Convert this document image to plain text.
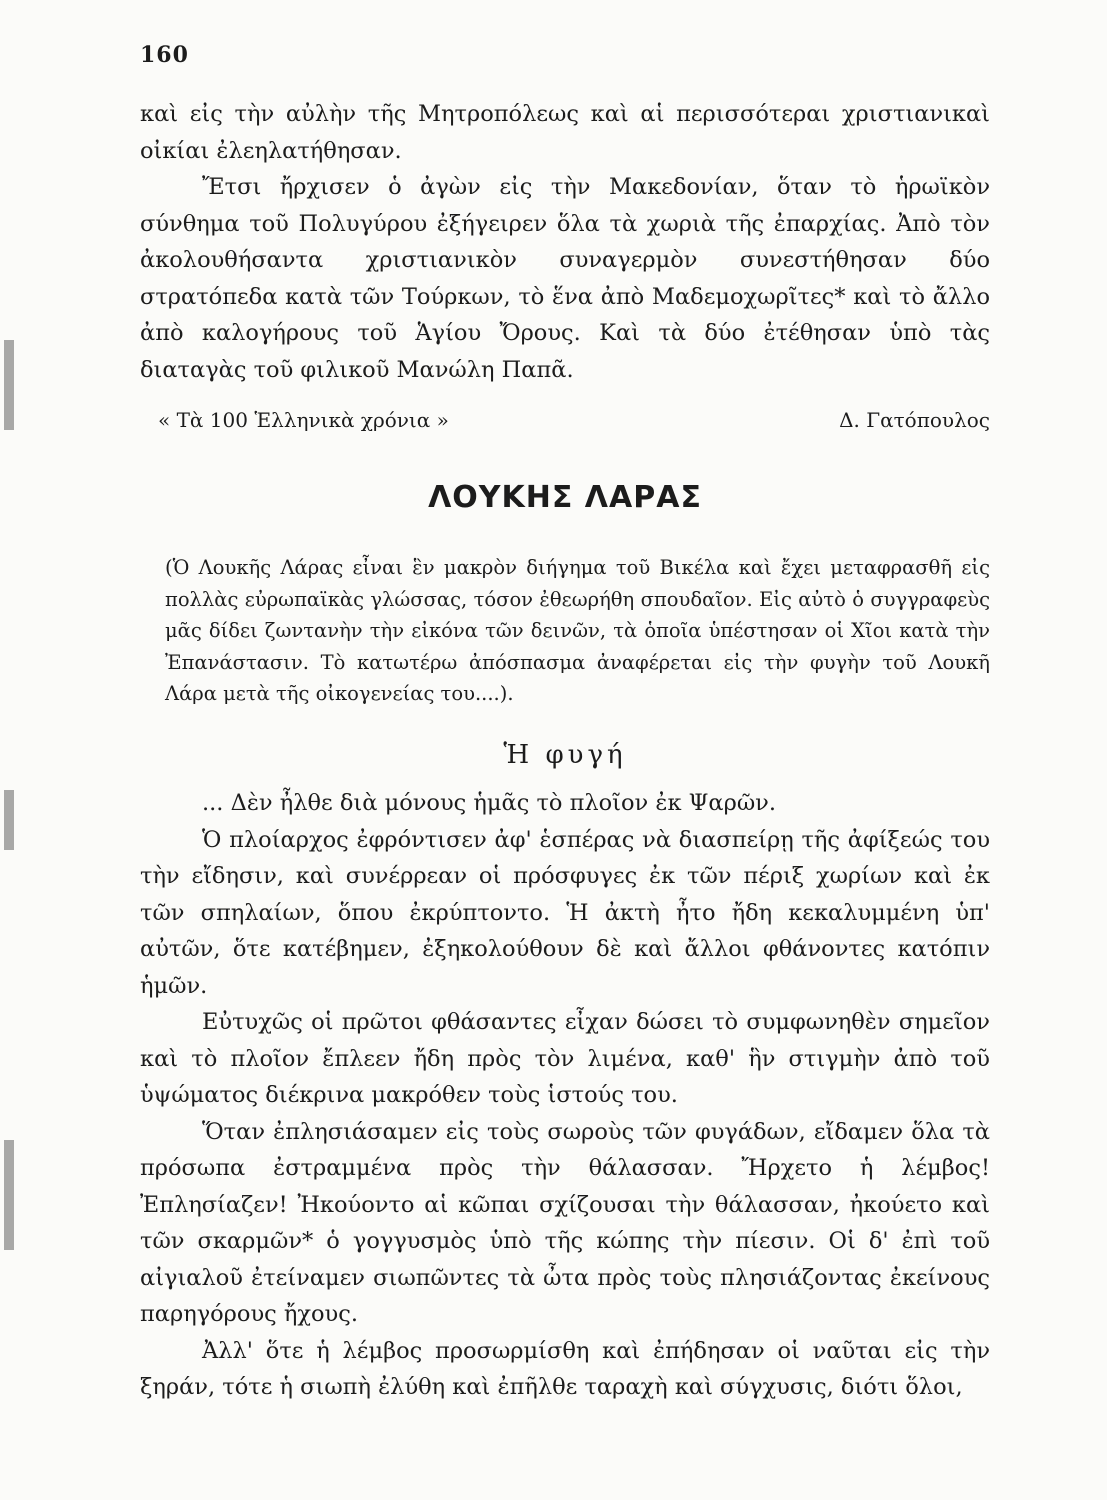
160

καὶ εἰς τὴν αὐλὴν τῆς Μητροπόλεως καὶ αἱ περισσότεραι χριστιανικαὶ οἰκίαι ἐλεηλατήθησαν.

Ἔτσι ἤρχισεν ὁ ἀγὼν εἰς τὴν Μακεδονίαν, ὅταν τὸ ἡρωϊκὸν σύνθημα τοῦ Πολυγύρου ἐξήγειρεν ὅλα τὰ χωριὰ τῆς ἐπαρχίας. Ἀπὸ τὸν ἀκολουθήσαντα χριστιανικὸν συναγερμὸν συνεστήθησαν δύο στρατόπεδα κατὰ τῶν Τούρκων, τὸ ἕνα ἀπὸ Μαδεμοχωρῖτες* καὶ τὸ ἄλλο ἀπὸ καλογήρους τοῦ Ἁγίου Ὄρους. Καὶ τὰ δύο ἐτέθησαν ὑπὸ τὰς διαταγὰς τοῦ φιλικοῦ Μανώλη Παπᾶ.

« Τὰ 100 Ἑλληνικὰ χρόνια »	Δ. Γατόπουλος
ΛΟΥΚΗΣ ΛΑΡΑΣ

(Ὁ Λουκῆς Λάρας εἶναι ἓν μακρὸν διήγημα τοῦ Βικέλα καὶ ἔχει μεταφρασθῆ εἰς πολλὰς εὐρωπαϊκὰς γλώσσας, τόσον ἐθεωρήθη σπουδαῖον. Εἰς αὐτὸ ὁ συγγραφεὺς μᾶς δίδει ζωντανὴν τὴν εἰκόνα τῶν δεινῶν, τὰ ὁποῖα ὑπέστησαν οἱ Χῖοι κατὰ τὴν Ἐπανάστασιν. Τὸ κατωτέρω ἀπόσπασμα ἀναφέρεται εἰς τὴν φυγὴν τοῦ Λουκῆ Λάρα μετὰ τῆς οἰκογενείας του....).

Ἡ φυγή

... Δὲν ἦλθε διὰ μόνους ἡμᾶς τὸ πλοῖον ἐκ Ψαρῶν.

Ὁ πλοίαρχος ἐφρόντισεν ἀφ' ἑσπέρας νὰ διασπείρῃ τῆς ἀφίξεώς του τὴν εἴδησιν, καὶ συνέρρεαν οἱ πρόσφυγες ἐκ τῶν πέριξ χωρίων καὶ ἐκ τῶν σπηλαίων, ὅπου ἐκρύπτοντο. Ἡ ἀκτὴ ἦτο ἤδη κεκαλυμμένη ὑπ' αὐτῶν, ὅτε κατέβημεν, ἐξηκολούθουν δὲ καὶ ἄλλοι φθάνοντες κατόπιν ἡμῶν.

Εὐτυχῶς οἱ πρῶτοι φθάσαντες εἶχαν δώσει τὸ συμφωνηθὲν σημεῖον καὶ τὸ πλοῖον ἔπλεεν ἤδη πρὸς τὸν λιμένα, καθ' ἣν στιγμὴν ἀπὸ τοῦ ὑψώματος διέκρινα μακρόθεν τοὺς ἱστούς του.

Ὅταν ἐπλησιάσαμεν εἰς τοὺς σωροὺς τῶν φυγάδων, εἴδαμεν ὅλα τὰ πρόσωπα ἐστραμμένα πρὸς τὴν θάλασσαν. Ἤρχετο ἡ λέμβος! Ἐπλησίαζεν! Ἠκούοντο αἱ κῶπαι σχίζουσαι τὴν θάλασσαν, ἠκούετο καὶ τῶν σκαρμῶν* ὁ γογγυσμὸς ὑπὸ τῆς κώπης τὴν πίεσιν. Οἱ δ' ἐπὶ τοῦ αἰγιαλοῦ ἐτείναμεν σιωπῶντες τὰ ὦτα πρὸς τοὺς πλησιάζοντας ἐκείνους παρηγόρους ἤχους.

Ἀλλ' ὅτε ἡ λέμβος προσωρμίσθη καὶ ἐπήδησαν οἱ ναῦται εἰς τὴν ξηράν, τότε ἡ σιωπὴ ἐλύθη καὶ ἐπῆλθε ταραχὴ καὶ σύγχυσις, διότι ὅλοι,
